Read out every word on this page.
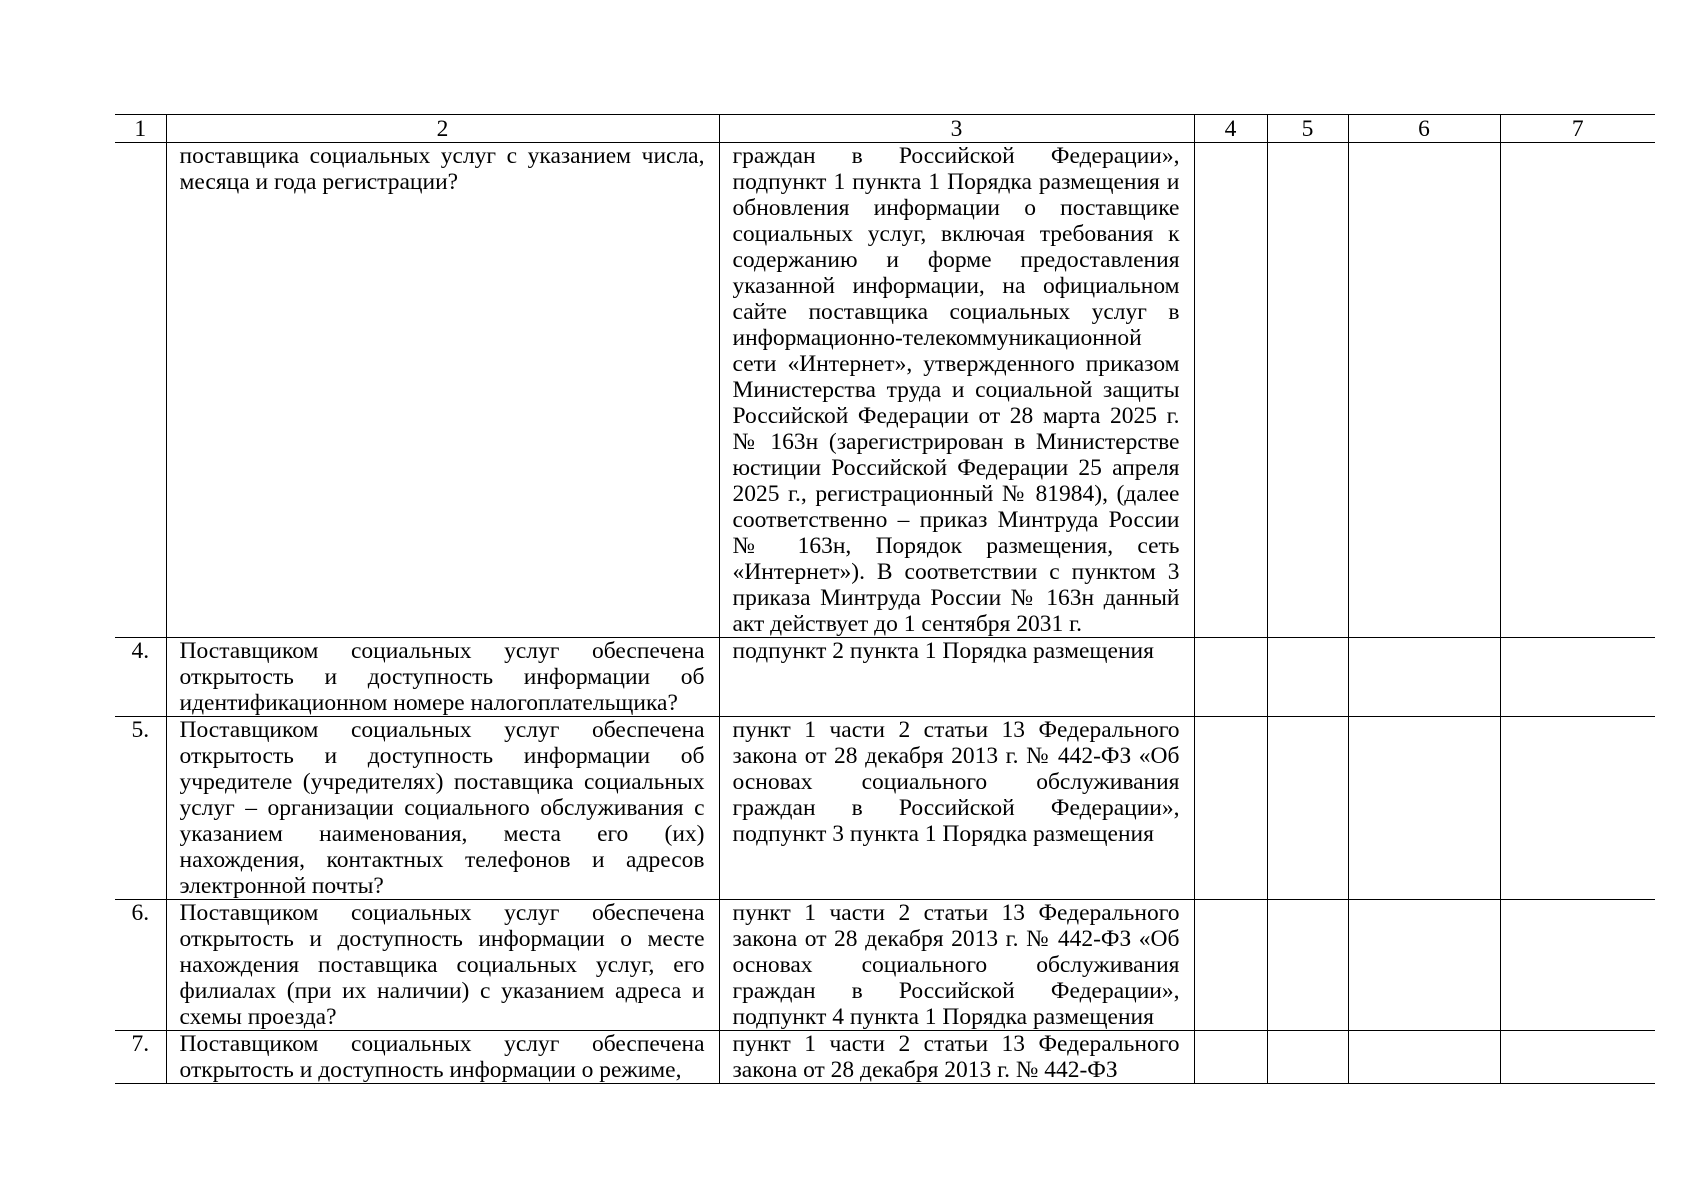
1	2	3	4	5	6	7
	поставщика социальных услуг с указанием числа, месяца и года регистрации?	граждан в Российской Федерации», подпункт 1 пункта 1 Порядка размещения и обновления информации о поставщике социальных услуг, включая требования к содержанию и форме предоставления указанной информации, на официальном сайте поставщика социальных услуг в информационно-телекоммуникационной сети «Интернет», утвержденного приказом Министерства труда и социальной защиты Российской Федерации от 28 марта 2025 г. № 163н (зарегистрирован в Министерстве юстиции Российской Федерации 25 апреля 2025 г., регистрационный № 81984), (далее соответственно – приказ Минтруда России № 163н, Порядок размещения, сеть «Интернет»). В соответствии с пунктом 3 приказа Минтруда России № 163н данный акт действует до 1 сентября 2031 г.				
4.	Поставщиком социальных услуг обеспечена открытость и доступность информации об идентификационном номере налогоплательщика?	подпункт 2 пункта 1 Порядка размещения				
5.	Поставщиком социальных услуг обеспечена открытость и доступность информации об учредителе (учредителях) поставщика социальных услуг – организации социального обслуживания с указанием наименования, места его (их) нахождения, контактных телефонов и адресов электронной почты?	пункт 1 части 2 статьи 13 Федерального закона от 28 декабря 2013 г. № 442-ФЗ «Об основах социального обслуживания граждан в Российской Федерации», подпункт 3 пункта 1 Порядка размещения				
6.	Поставщиком социальных услуг обеспечена открытость и доступность информации о месте нахождения поставщика социальных услуг, его филиалах (при их наличии) с указанием адреса и схемы проезда?	пункт 1 части 2 статьи 13 Федерального закона от 28 декабря 2013 г. № 442-ФЗ «Об основах социального обслуживания граждан в Российской Федерации», подпункт 4 пункта 1 Порядка размещения				
7.	Поставщиком социальных услуг обеспечена открытость и доступность информации о режиме,	пункт 1 части 2 статьи 13 Федерального закона от 28 декабря 2013 г. № 442-ФЗ				
